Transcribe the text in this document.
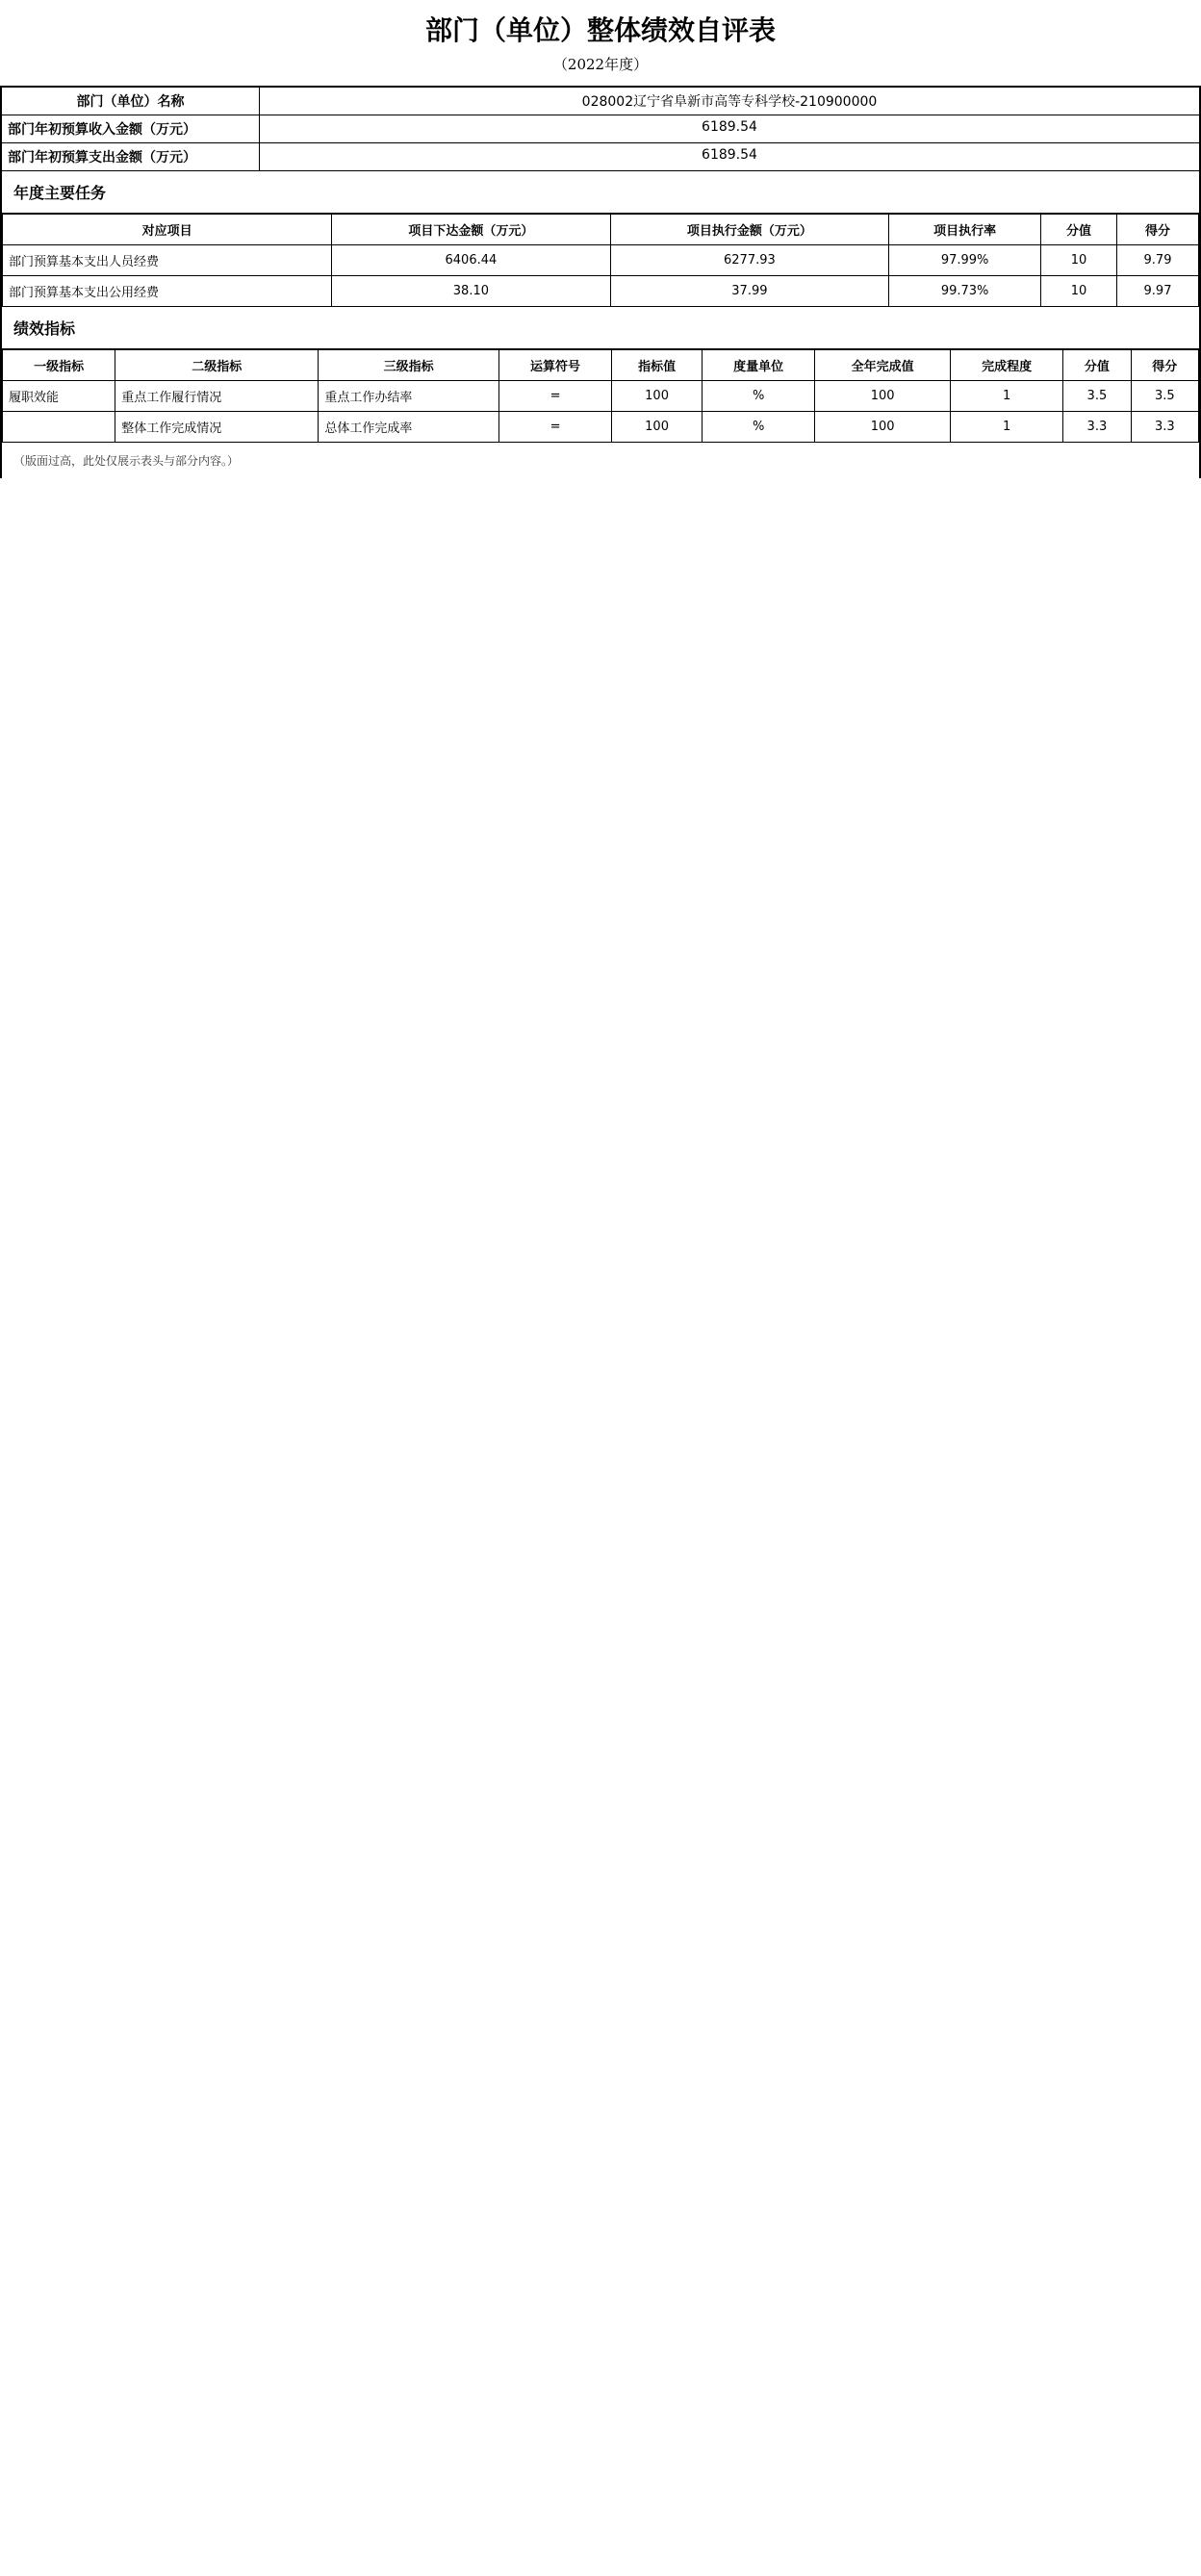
部门（单位）整体绩效自评表
（2022年度）
部门（单位）名称	028002辽宁省阜新市高等专科学校-210900000
部门年初预算收入金额（万元）	6189.54
部门年初预算支出金额（万元）	6189.54
年度主要任务
对应项目	项目下达金额（万元）	项目执行金额（万元）	项目执行率	分值	得分
部门预算基本支出人员经费	6406.44	6277.93	97.99%	10	9.79
部门预算基本支出公用经费	38.10	37.99	99.73%	10	9.97
绩效指标
一级指标	二级指标	三级指标	运算符号	指标值	度量单位	全年完成值	完成程度	分值	得分
履职效能	重点工作履行情况	重点工作办结率	=	100	%	100	1	3.5	3.5
	整体工作完成情况	总体工作完成率	=	100	%	100	1	3.3	3.3
（版面过高，此处仅展示表头与部分内容。）
